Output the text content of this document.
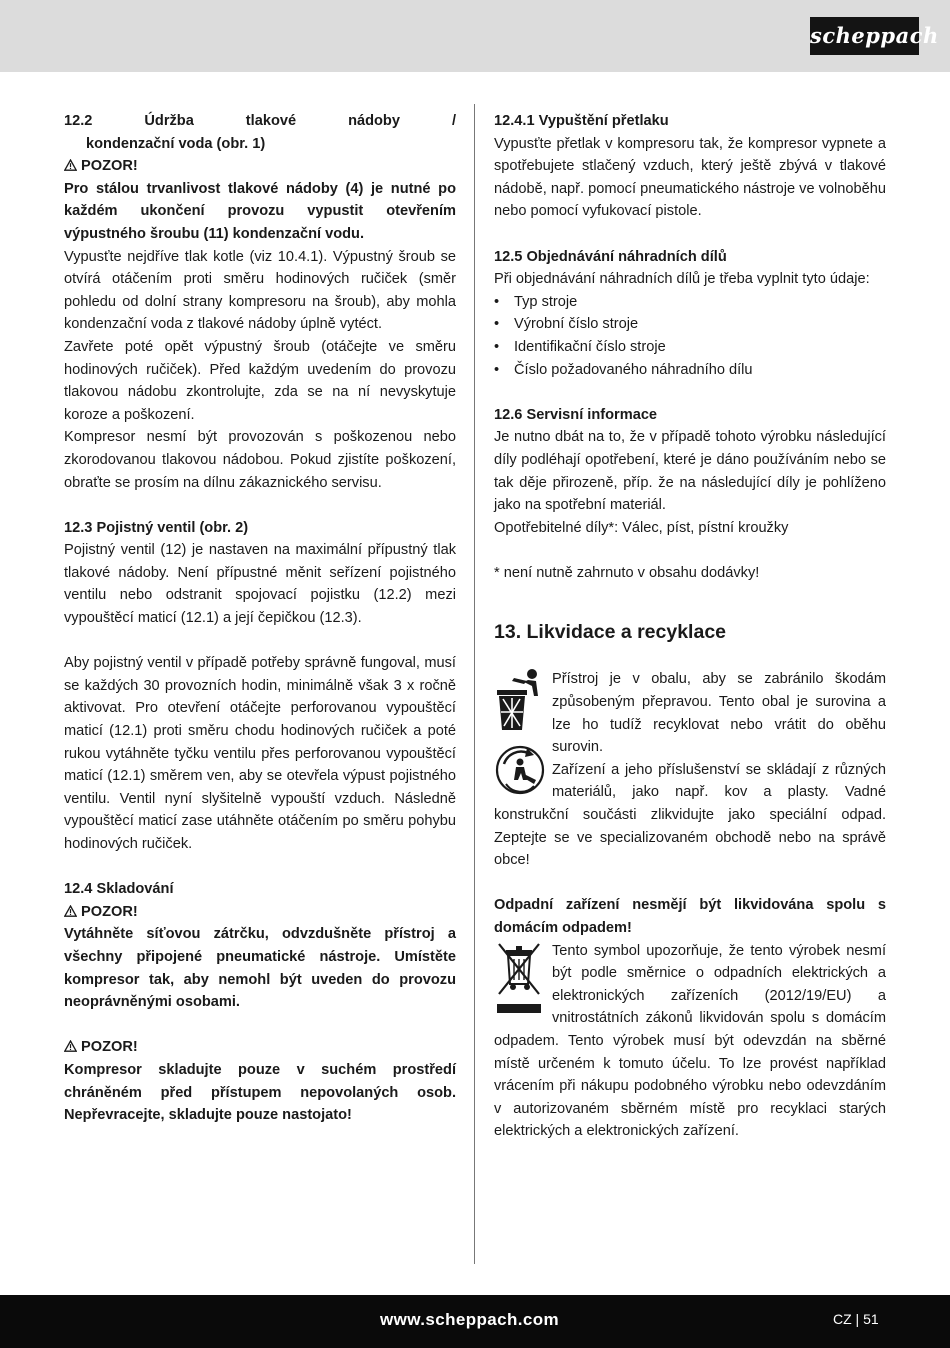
scheppach

12.2 Údržba tlakové nádoby /

kondenzační voda (obr. 1)

POZOR!

Pro stálou trvanlivost tlakové nádoby (4) je nutné po každém ukončení provozu vypustit otevřením výpustného šroubu (11) kondenzační vodu.

Vypusťte nejdříve tlak kotle (viz 10.4.1). Výpustný šroub se otvírá otáčením proti směru hodinových ručiček (směr pohledu od dolní strany kompresoru na šroub), aby mohla kondenzační voda z tlakové nádoby úplně vytéct.

Zavřete poté opět výpustný šroub (otáčejte ve směru hodinových ručiček). Před každým uvedením do provozu tlakovou nádobu zkontrolujte, zda se na ní nevyskytuje koroze a poškození.

Kompresor nesmí být provozován s poškozenou nebo zkorodovanou tlakovou nádobou. Pokud zjistíte poškození, obraťte se prosím na dílnu zákaznického servisu.

12.3 Pojistný ventil (obr. 2)

Pojistný ventil (12) je nastaven na maximální přípustný tlak tlakové nádoby. Není přípustné měnit seřízení pojistného ventilu nebo odstranit spojovací pojistku (12.2) mezi vypouštěcí maticí (12.1) a její čepičkou (12.3).

Aby pojistný ventil v případě potřeby správně fungoval, musí se každých 30 provozních hodin, minimálně však 3 x ročně aktivovat. Pro otevření otáčejte perforovanou vypouštěcí maticí (12.1) proti směru chodu hodinových ručiček a poté rukou vytáhněte tyčku ventilu přes perforovanou vypouštěcí maticí (12.1) směrem ven, aby se otevřela výpust pojistného ventilu. Ventil nyní slyšitelně vypouští vzduch. Následně vypouštěcí maticí zase utáhněte otáčením po směru pohybu hodinových ručiček.

12.4 Skladování

POZOR!

Vytáhněte síťovou zátrčku, odvzdušněte přístroj a všechny připojené pneumatické nástroje. Umístěte kompresor tak, aby nemohl být uveden do provozu neoprávněnými osobami.

POZOR!

Kompresor skladujte pouze v suchém prostředí chráněném před přístupem nepovolaných osob. Nepřevracejte, skladujte pouze nastojato!

12.4.1 Vypuštění přetlaku

Vypusťte přetlak v kompresoru tak, že kompresor vypnete a spotřebujete stlačený vzduch, který ještě zbývá v tlakové nádobě, např. pomocí pneumatického nástroje ve volnoběhu nebo pomocí vyfukovací pistole.

12.5 Objednávání náhradních dílů

Při objednávání náhradních dílů je třeba vyplnit tyto údaje:

• Typ stroje
• Výrobní číslo stroje
• Identifikační číslo stroje
• Číslo požadovaného náhradního dílu

12.6 Servisní informace

Je nutno dbát na to, že v případě tohoto výrobku následující díly podléhají opotřebení, které je dáno používáním nebo se tak děje přirozeně, příp. že na následující díly je pohlíženo jako na spotřební materiál.

Opotřebitelné díly*: Válec, píst, pístní kroužky

* není nutně zahrnuto v obsahu dodávky!

13. Likvidace a recyklace

Přístroj je v obalu, aby se zabránilo škodám způsobeným přepravou. Tento obal je surovina a lze ho tudíž recyklovat nebo vrátit do oběhu surovin.

Zařízení a jeho příslušenství se skládají z různých materiálů, jako např. kov a plasty. Vadné konstrukční součásti zlikvidujte jako speciální odpad. Zeptejte se ve specializovaném obchodě nebo na správě obce!

Odpadní zařízení nesmějí být likvidována spolu s domácím odpadem!

Tento symbol upozorňuje, že tento výrobek nesmí být podle směrnice o odpadních elektrických a elektronických zařízeních (2012/19/EU) a vnitrostátních zákonů likvidován spolu s domácím odpadem. Tento výrobek musí být odevzdán na sběrné místě určeném k tomuto účelu. To lze provést například vrácením při nákupu podobného výrobku nebo odevzdáním v autorizovaném sběrném místě pro recyklaci starých elektrických a elektronických zařízení.

www.scheppach.com	CZ | 51
